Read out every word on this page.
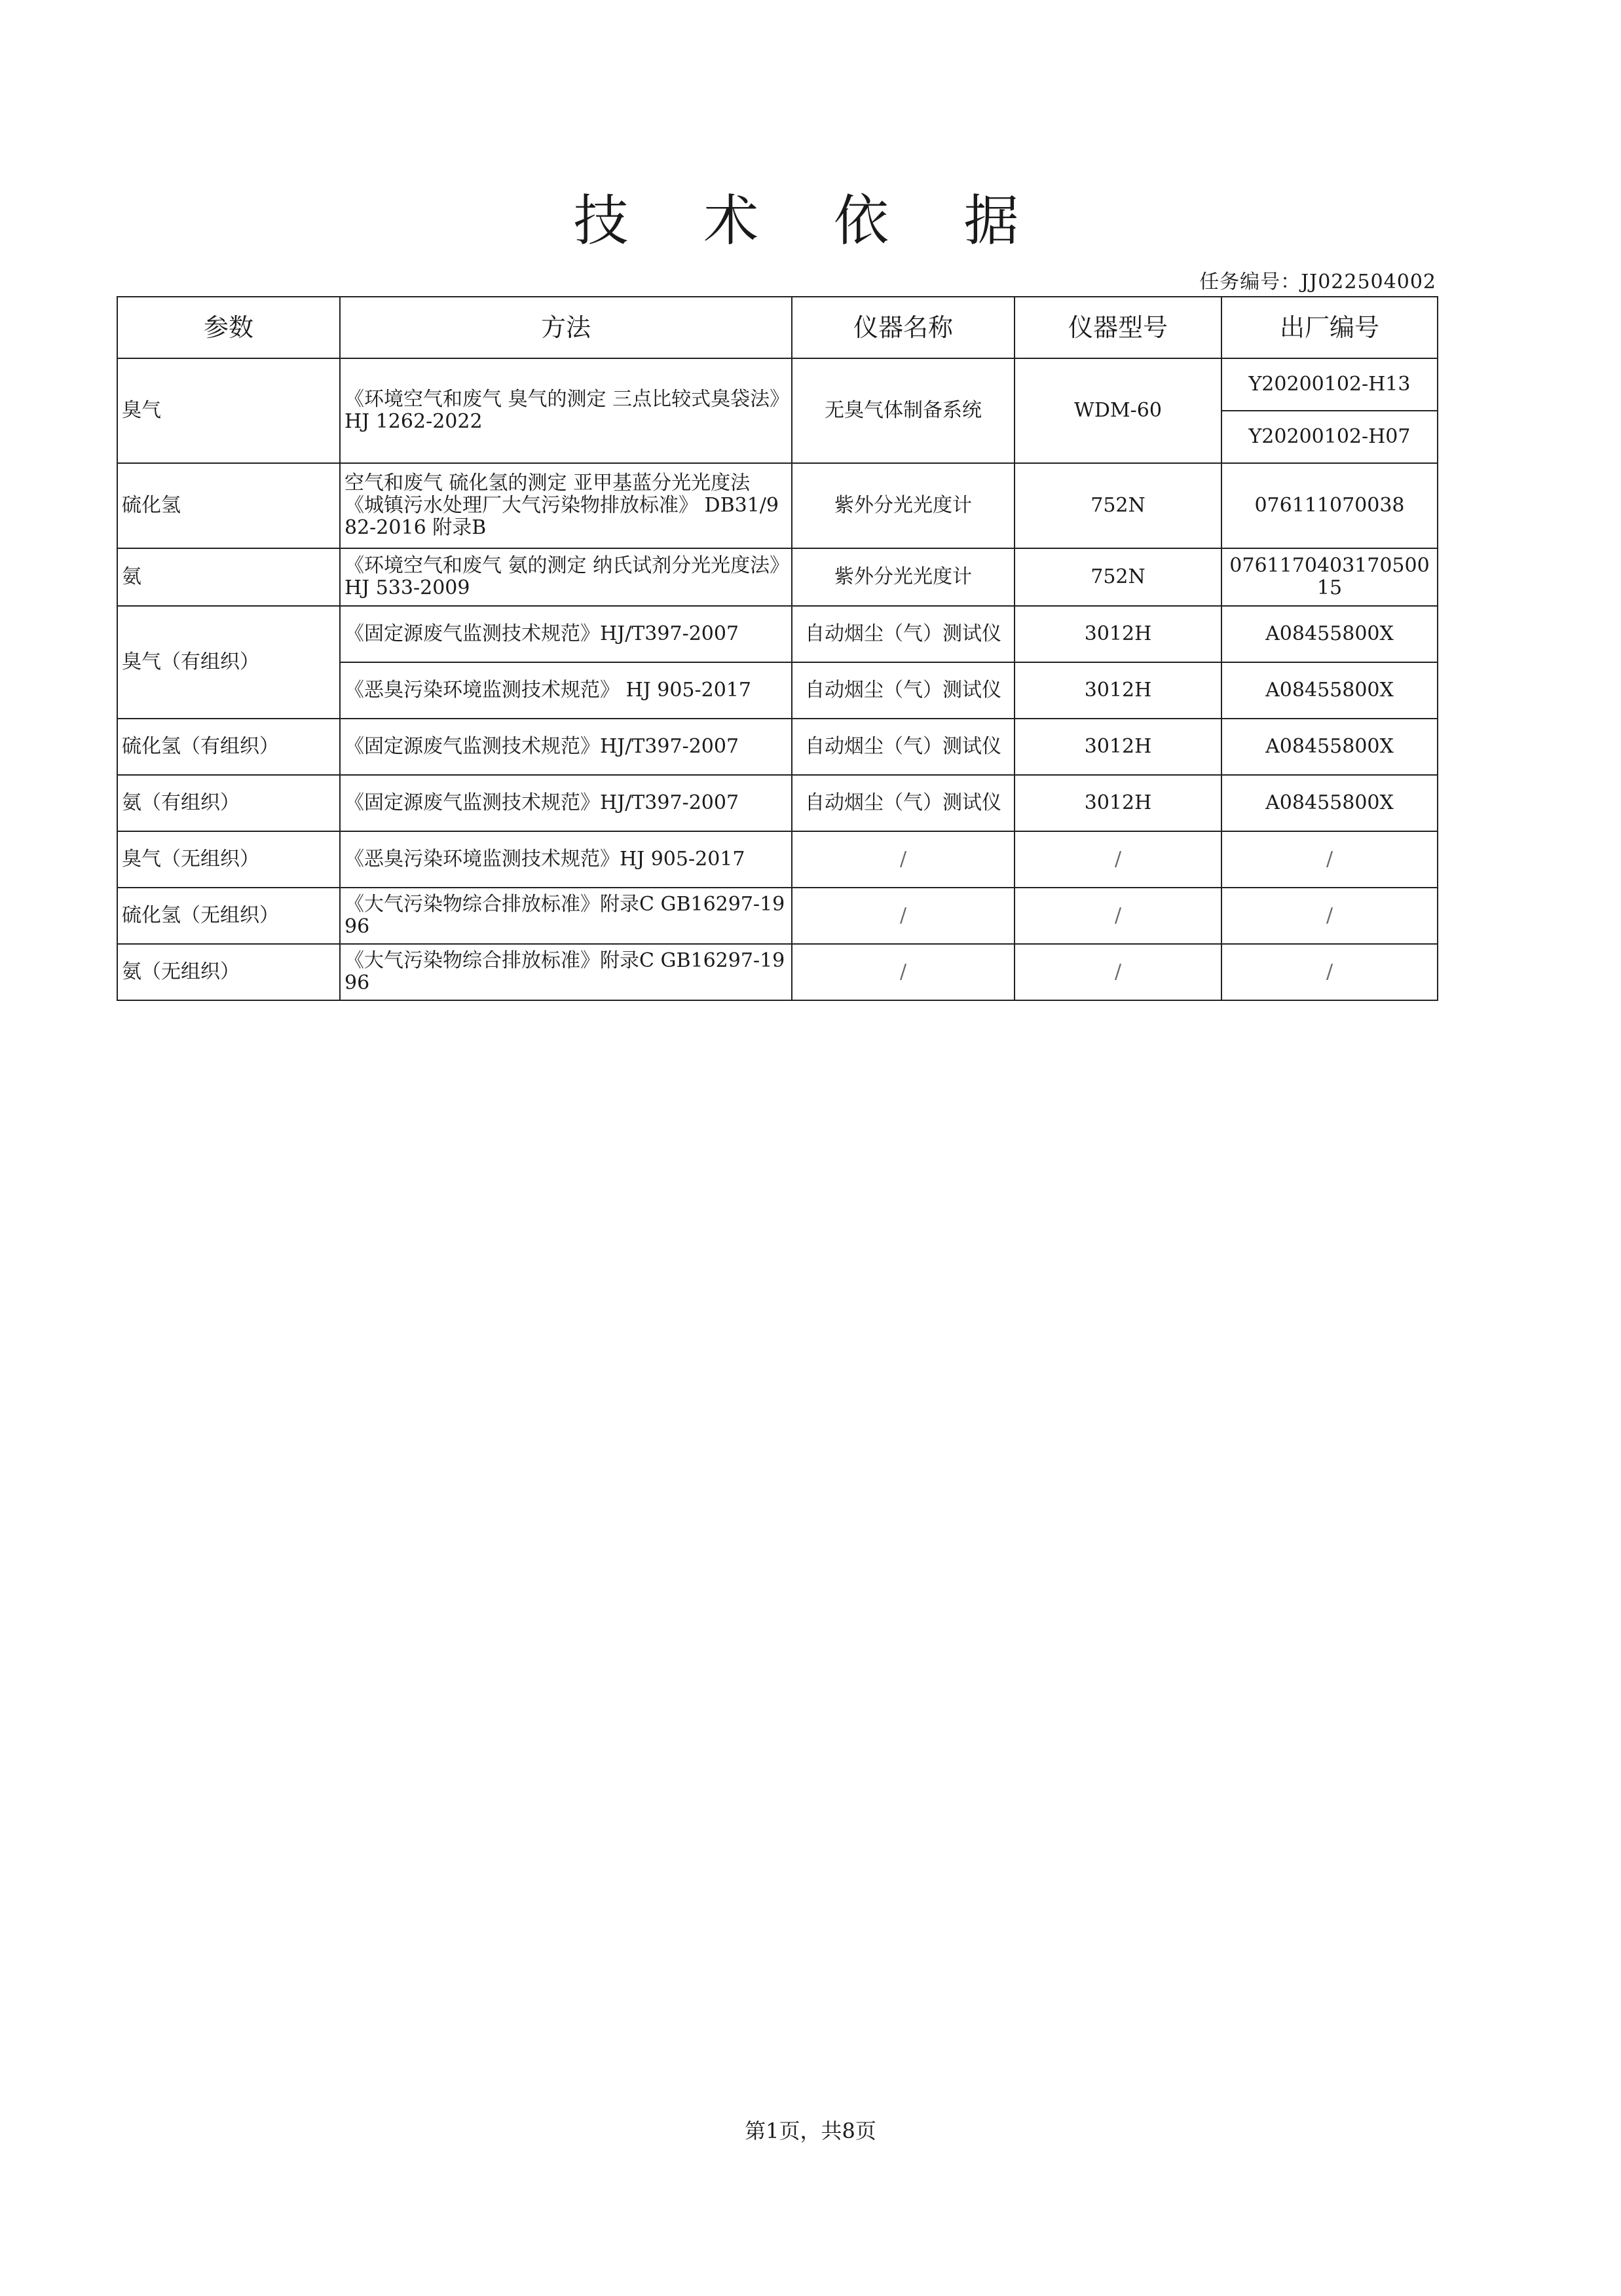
技 术 依 据
任务编号：JJ022504002
参数	方法	仪器名称	仪器型号	出厂编号
臭气	《环境空气和废气 臭气的测定 三点比较式臭袋法》HJ 1262-2022	无臭气体制备系统	WDM-60	Y20200102-H13
				Y20200102-H07
硫化氢	空气和废气 硫化氢的测定 亚甲基蓝分光光度法《城镇污水处理厂大气污染物排放标准》 DB31/982-2016 附录B	紫外分光光度计	752N	076111070038
氨	《环境空气和废气 氨的测定 纳氏试剂分光光度法》HJ 533-2009	紫外分光光度计	752N	076117040317050015
臭气（有组织）	《固定源废气监测技术规范》HJ/T397-2007	自动烟尘（气）测试仪	3012H	A08455800X
	《恶臭污染环境监测技术规范》 HJ 905-2017	自动烟尘（气）测试仪	3012H	A08455800X
硫化氢（有组织）	《固定源废气监测技术规范》HJ/T397-2007	自动烟尘（气）测试仪	3012H	A08455800X
氨（有组织）	《固定源废气监测技术规范》HJ/T397-2007	自动烟尘（气）测试仪	3012H	A08455800X
臭气（无组织）	《恶臭污染环境监测技术规范》HJ 905-2017	/	/	/
硫化氢（无组织）	《大气污染物综合排放标准》附录C GB16297-1996	/	/	/
氨（无组织）	《大气污染物综合排放标准》附录C GB16297-1996	/	/	/
第1页，共8页
